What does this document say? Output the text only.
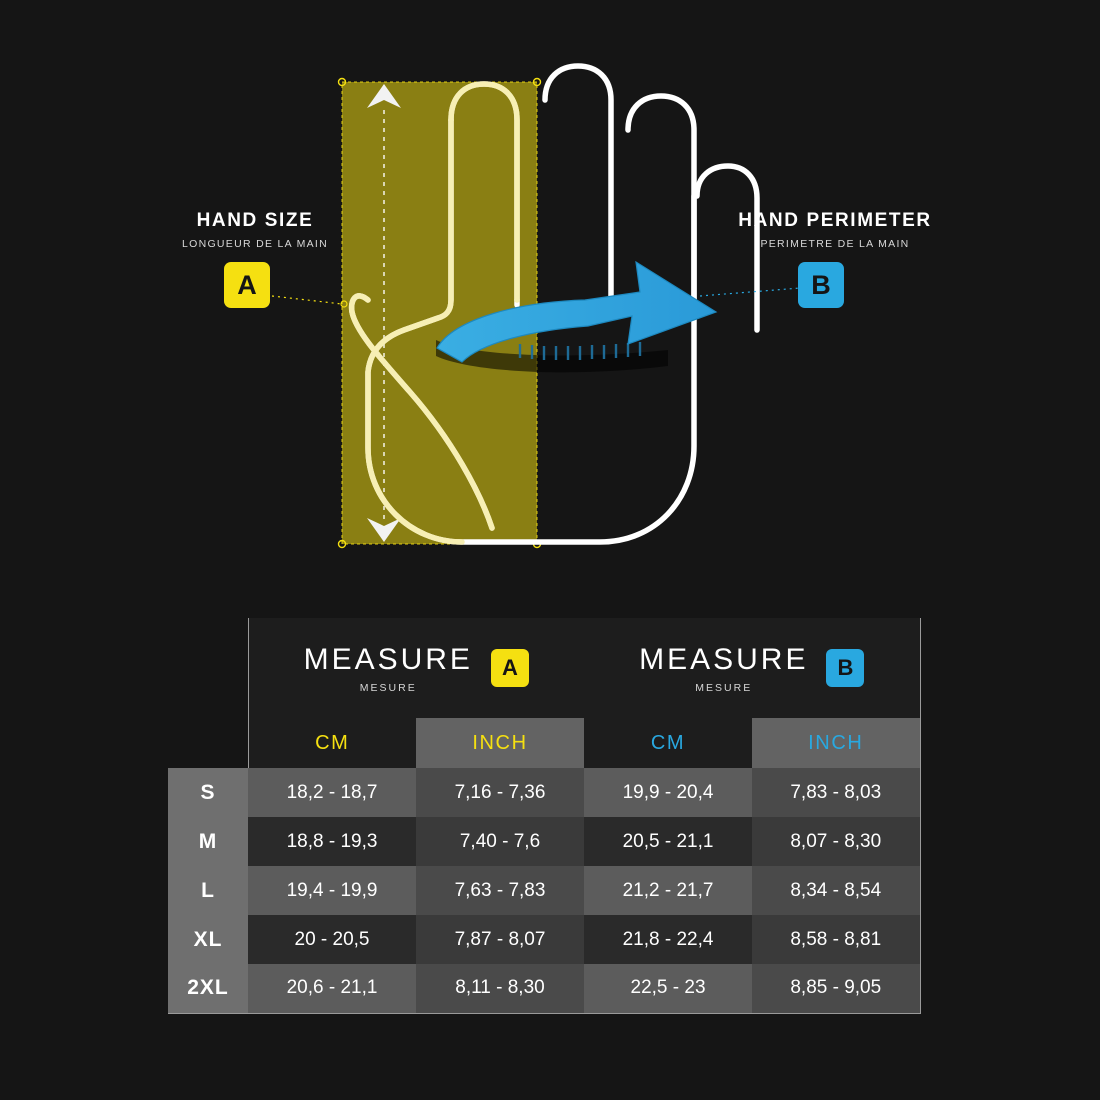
HAND SIZE
LONGUEUR DE LA MAIN
A
HAND PERIMETER
PERIMETRE DE LA MAIN
B

MEASURE
MESURE
A	MEASURE
MESURE
B

	CM	INCH	CM	INCH
S	18,2 - 18,7	7,16 - 7,36	19,9 - 20,4	7,83 - 8,03
M	18,8 - 19,3	7,40 - 7,6	20,5 - 21,1	8,07 - 8,30
L	19,4 - 19,9	7,63 - 7,83	21,2 - 21,7	8,34 - 8,54
XL	20 - 20,5	7,87 - 8,07	21,8 - 22,4	8,58 - 8,81
2XL	20,6 - 21,1	8,11 - 8,30	22,5 - 23	8,85 - 9,05
